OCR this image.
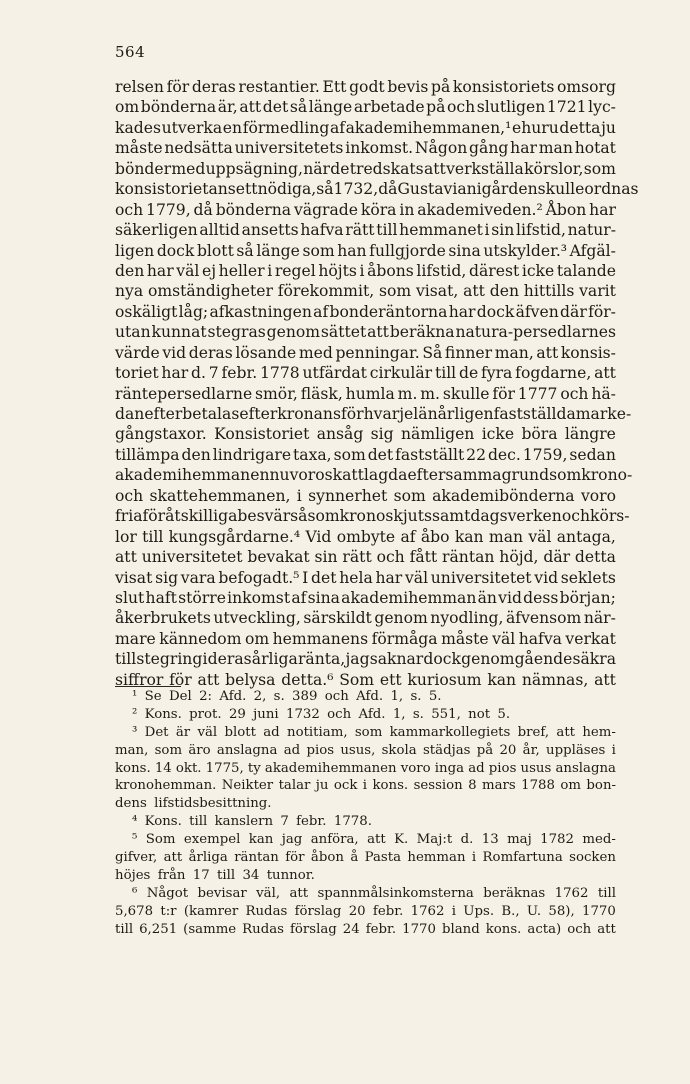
564
relsen för deras restantier. Ett godt bevis på konsistoriets omsorg
om bönderna är, att det så länge arbetade på och slutligen 1721 lyc-
kades utverka en förmedling af akademihemmanen,¹ ehuru detta ju
måste nedsätta universitetets inkomst. Någon gång har man hotat
bönder med uppsägning, när de tredskats att verkställa körslor, som
konsistoriet ansett nödiga, så 1732, då Gustavianigården skulle ordnas
och 1779, då bönderna vägrade köra in akademiveden.² Åbon har
säkerligen alltid ansetts hafva rätt till hemmanet i sin lifstid, natur-
ligen dock blott så länge som han fullgjorde sina utskylder.³ Afgäl-
den har väl ej heller i regel höjts i åbons lifstid, därest icke talande
nya omständigheter förekommit, som visat, att den hittills varit
oskäligt låg; afkastningen af bonderäntorna har dock äfven där för-
utan kunnat stegras genom sättet att beräkna natura-persedlarnes
värde vid deras lösande med penningar. Så finner man, att konsis-
toriet har d. 7 febr. 1778 utfärdat cirkulär till de fyra fogdarne, att
räntepersedlarne smör, fläsk, humla m. m. skulle för 1777 och hä-
danefter betalas efter kronans för hvarje län årligen fastställda marke-
gångstaxor. Konsistoriet ansåg sig nämligen icke böra längre
tillämpa den lindrigare taxa, som det fastställt 22 dec. 1759, sedan
akademihemmanen nu voro skattlagda efter samma grund som krono-
och skattehemmanen, i synnerhet som akademibönderna voro
fria för åtskilliga besvär såsom kronoskjuts samt dagsverken och körs-
lor till kungsgårdarne.⁴ Vid ombyte af åbo kan man väl antaga,
att universitetet bevakat sin rätt och fått räntan höjd, där detta
visat sig vara befogadt.⁵ I det hela har väl universitetet vid seklets
slut haft större inkomst af sina akademihemman än vid dess början;
åkerbrukets utveckling, särskildt genom nyodling, äfvensom när-
mare kännedom om hemmanens förmåga måste väl hafva verkat
till stegring i deras årliga ränta, jag saknar dock genomgående säkra
siffror för att belysa detta.⁶ Som ett kuriosum kan nämnas, att
¹ Se Del 2: Afd. 2, s. 389 och Afd. 1, s. 5.
² Kons. prot. 29 juni 1732 och Afd. 1, s. 551, not 5.
³ Det är väl blott ad notitiam, som kammarkollegiets bref, att hem-
man, som äro anslagna ad pios usus, skola städjas på 20 år, uppläses i
kons. 14 okt. 1775, ty akademihemmanen voro inga ad pios usus anslagna
kronohemman. Neikter talar ju ock i kons. session 8 mars 1788 om bon-
dens lifstidsbesittning.
⁴ Kons. till kanslern 7 febr. 1778.
⁵ Som exempel kan jag anföra, att K. Maj:t d. 13 maj 1782 med-
gifver, att årliga räntan för åbon å Pasta hemman i Romfartuna socken
höjes från 17 till 34 tunnor.
⁶ Något bevisar väl, att spannmålsinkomsterna beräknas 1762 till
5,678 t:r (kamrer Rudas förslag 20 febr. 1762 i Ups. B., U. 58), 1770
till 6,251 (samme Rudas förslag 24 febr. 1770 bland kons. acta) och att
